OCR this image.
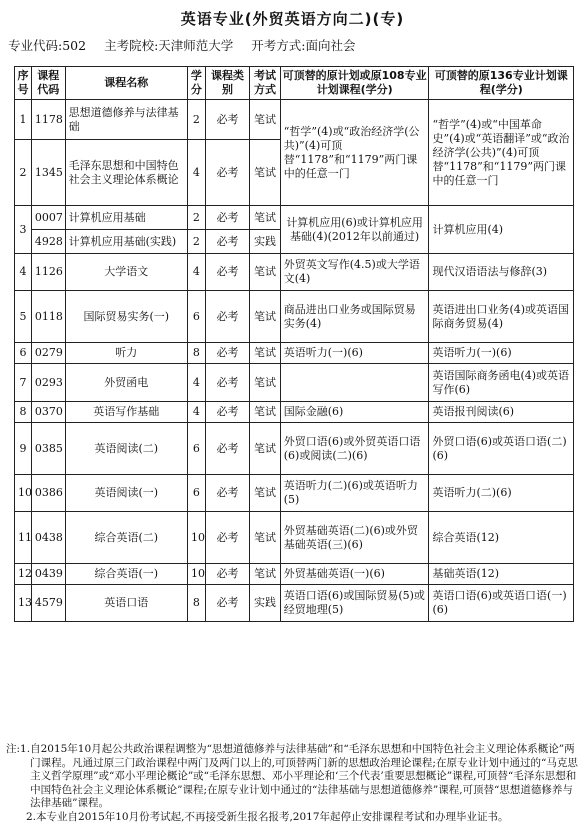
英语专业(外贸英语方向二)(专)
专业代码:502 主考院校:天津师范大学 开考方式:面向社会
序号	课程代码	课程名称	学分	课程类别	考试方式	可顶替的原计划或原108专业计划课程(学分)	可顶替的原136专业计划课程(学分)
1	1178	思想道德修养与法律基础	2	必考	笔试	“哲学”(4)或“政治经济学(公共)”(4)可顶替“1178”和“1179”两门课中的任意一门	“哲学”(4)或“中国革命史”(4)或“英语翻译”或“政治经济学(公共)”(4)可顶替“1178”和“1179”两门课中的任意一门
2	1345	毛泽东思想和中国特色社会主义理论体系概论	4	必考	笔试		
3	0007	计算机应用基础	2	必考	笔试	计算机应用(6)或计算机应用基础(4)(2012年以前通过)	计算机应用(4)
	4928	计算机应用基础(实践)	2	必考	实践		
4	1126	大学语文	4	必考	笔试	外贸英文写作(4.5)或大学语文(4)	现代汉语语法与修辞(3)
5	0118	国际贸易实务(一)	6	必考	笔试	商品进出口业务或国际贸易实务(4)	英语进出口业务(4)或英语国际商务贸易(4)
6	0279	听力	8	必考	笔试	英语听力(一)(6)	英语听力(一)(6)
7	0293	外贸函电	4	必考	笔试		英语国际商务函电(4)或英语写作(6)
8	0370	英语写作基础	4	必考	笔试	国际金融(6)	英语报刊阅读(6)
9	0385	英语阅读(二)	6	必考	笔试	外贸口语(6)或外贸英语口语(6)或阅读(二)(6)	外贸口语(6)或英语口语(二)(6)
10	0386	英语阅读(一)	6	必考	笔试	英语听力(二)(6)或英语听力(5)	英语听力(二)(6)
11	0438	综合英语(二)	10	必考	笔试	外贸基础英语(二)(6)或外贸基础英语(三)(6)	综合英语(12)
12	0439	综合英语(一)	10	必考	笔试	外贸基础英语(一)(6)	基础英语(12)
13	4579	英语口语	8	必考	实践	英语口语(6)或国际贸易(5)或经贸地理(5)	英语口语(6)或英语口语(一)(6)
注: 1. 自2015年10月起公共政治课程调整为“思想道德修养与法律基础”和“毛泽东思想和中国特色社会主义理论体系概论”两门课程。凡通过原三门政治课程中两门及两门以上的,可顶替两门新的思想政治理论课程;在原专业计划中通过的“马克思主义哲学原理”或“邓小平理论概论”或“毛泽东思想、邓小平理论和‘三个代表’重要思想概论”课程,可顶替“毛泽东思想和中国特色社会主义理论体系概论”课程;在原专业计划中通过的“法律基础与思想道德修养”课程,可顶替“思想道德修养与法律基础”课程。
2. 本专业自2015年10月份考试起,不再接受新生报名报考,2017年起停止安排课程考试和办理毕业证书。
